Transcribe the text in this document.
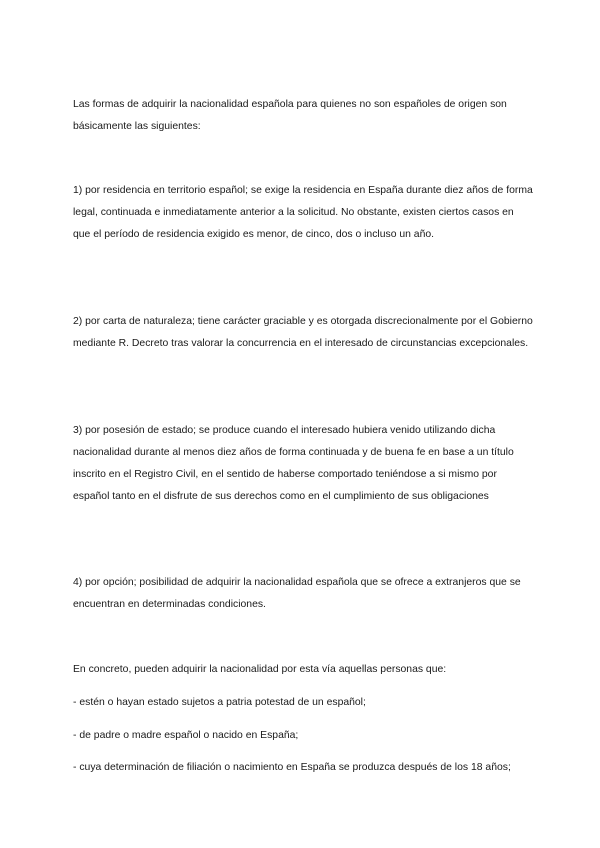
Las formas de adquirir la nacionalidad española para quienes no son españoles de origen son básicamente las siguientes:

1) por residencia en territorio español; se exige la residencia en España durante diez años de forma legal, continuada e inmediatamente anterior a la solicitud. No obstante, existen ciertos casos en que el período de residencia exigido es menor, de cinco, dos o incluso un año.

2) por carta de naturaleza; tiene carácter graciable y es otorgada discrecionalmente por el Gobierno mediante R. Decreto tras valorar la concurrencia en el interesado de circunstancias excepcionales.

3) por posesión de estado; se produce cuando el interesado hubiera venido utilizando dicha nacionalidad durante al menos diez años de forma continuada y de buena fe en base a un título inscrito en el Registro Civil, en el sentido de haberse comportado teniéndose a si mismo por español tanto en el disfrute de sus derechos como en el cumplimiento de sus obligaciones

4) por opción; posibilidad de adquirir la nacionalidad española que se ofrece a extranjeros que se encuentran en determinadas condiciones.

En concreto, pueden adquirir la nacionalidad por esta vía aquellas personas que:

- estén o hayan estado sujetos a patria potestad de un español;

- de padre o madre español o nacido en España;

- cuya determinación de filiación o nacimiento en España se produzca después de los 18 años;
